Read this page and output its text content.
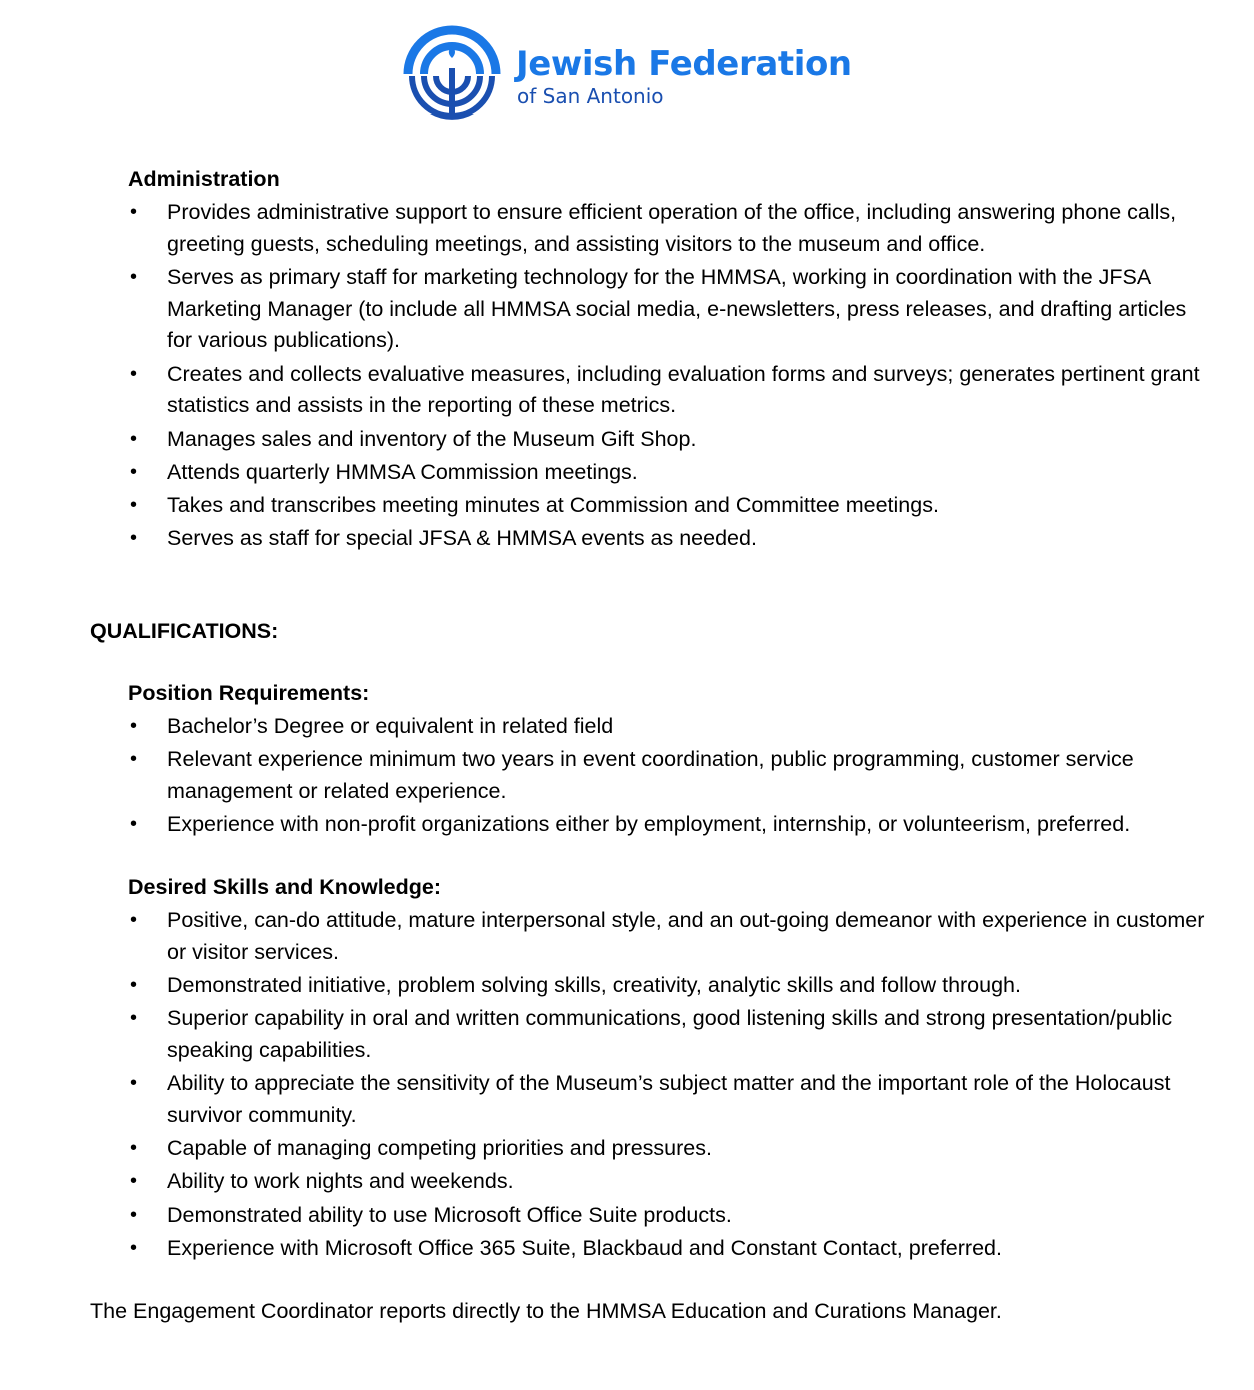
Jewish Federation
of San Antonio
Administration
• Provides administrative support to ensure efficient operation of the office, including answering phone calls, greeting guests, scheduling meetings, and assisting visitors to the museum and office.
• Serves as primary staff for marketing technology for the HMMSA, working in coordination with the JFSA Marketing Manager (to include all HMMSA social media, e-newsletters, press releases, and drafting articles for various publications).
• Creates and collects evaluative measures, including evaluation forms and surveys; generates pertinent grant statistics and assists in the reporting of these metrics.
• Manages sales and inventory of the Museum Gift Shop.
• Attends quarterly HMMSA Commission meetings.
• Takes and transcribes meeting minutes at Commission and Committee meetings.
• Serves as staff for special JFSA & HMMSA events as needed.
QUALIFICATIONS:
Position Requirements:
• Bachelor’s Degree or equivalent in related field
• Relevant experience minimum two years in event coordination, public programming, customer service management or related experience.
• Experience with non-profit organizations either by employment, internship, or volunteerism, preferred.
Desired Skills and Knowledge:
• Positive, can-do attitude, mature interpersonal style, and an out-going demeanor with experience in customer or visitor services.
• Demonstrated initiative, problem solving skills, creativity, analytic skills and follow through.
• Superior capability in oral and written communications, good listening skills and strong presentation/public speaking capabilities.
• Ability to appreciate the sensitivity of the Museum’s subject matter and the important role of the Holocaust survivor community.
• Capable of managing competing priorities and pressures.
• Ability to work nights and weekends.
• Demonstrated ability to use Microsoft Office Suite products.
• Experience with Microsoft Office 365 Suite, Blackbaud and Constant Contact, preferred.
The Engagement Coordinator reports directly to the HMMSA Education and Curations Manager.
